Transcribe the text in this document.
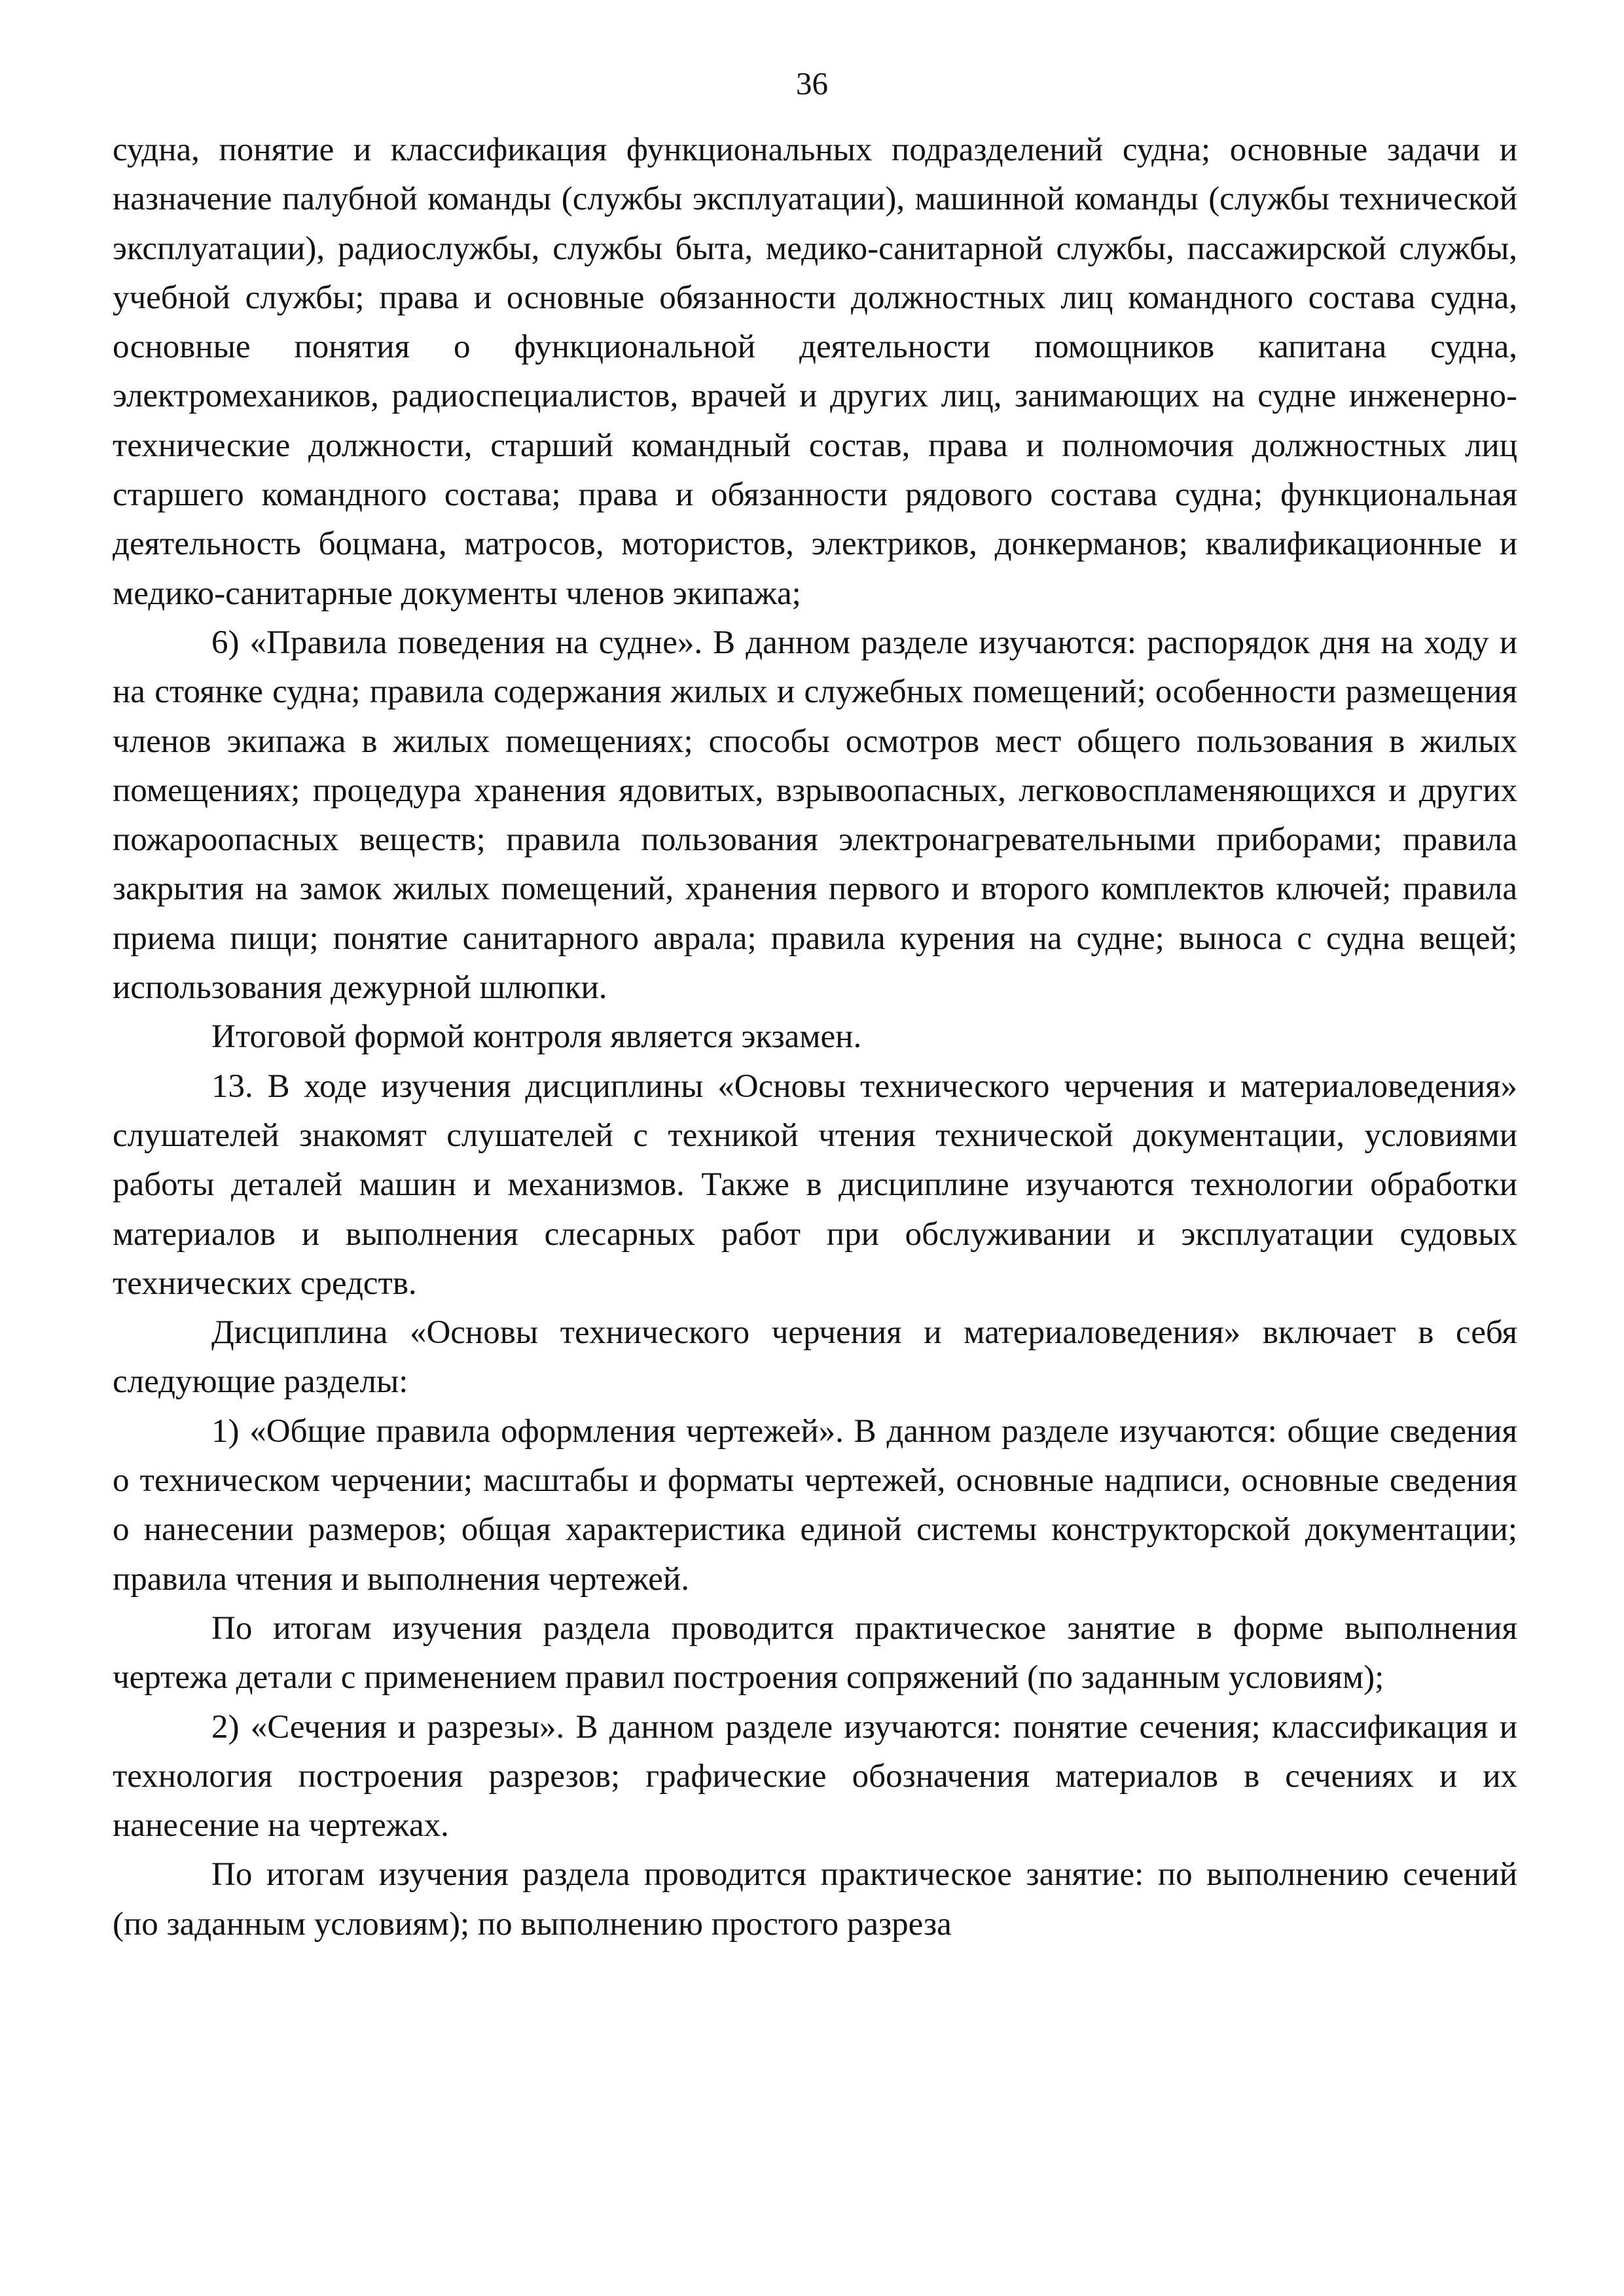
36

судна, понятие и классификация функциональных подразделений судна; основные задачи и назначение палубной команды (службы эксплуатации), машинной команды (службы технической эксплуатации), радиослужбы, службы быта, медико-санитарной службы, пассажирской службы, учебной службы; права и основные обязанности должностных лиц командного состава судна, основные понятия о функциональной деятельности помощников капитана судна, электромехаников, радиоспециалистов, врачей и других лиц, занимающих на судне инженерно-технические должности, старший командный состав, права и полномочия должностных лиц старшего командного состава; права и обязанности рядового состава судна; функциональная деятельность боцмана, матросов, мотористов, электриков, донкерманов; квалификационные и медико-санитарные документы членов экипажа;

6) «Правила поведения на судне». В данном разделе изучаются: распорядок дня на ходу и на стоянке судна; правила содержания жилых и служебных помещений; особенности размещения членов экипажа в жилых помещениях; способы осмотров мест общего пользования в жилых помещениях; процедура хранения ядовитых, взрывоопасных, легковоспламеняющихся и других пожароопасных веществ; правила пользования электронагревательными приборами; правила закрытия на замок жилых помещений, хранения первого и второго комплектов ключей; правила приема пищи; понятие санитарного аврала; правила курения на судне; выноса с судна вещей; использования дежурной шлюпки.

Итоговой формой контроля является экзамен.

13. В ходе изучения дисциплины «Основы технического черчения и материаловедения» слушателей знакомят слушателей с техникой чтения технической документации, условиями работы деталей машин и механизмов. Также в дисциплине изучаются технологии обработки материалов и выполнения слесарных работ при обслуживании и эксплуатации судовых технических средств.

Дисциплина «Основы технического черчения и материаловедения» включает в себя следующие разделы:

1) «Общие правила оформления чертежей». В данном разделе изучаются: общие сведения о техническом черчении; масштабы и форматы чертежей, основные надписи, основные сведения о нанесении размеров; общая характеристика единой системы конструкторской документации; правила чтения и выполнения чертежей.

По итогам изучения раздела проводится практическое занятие в форме выполнения чертежа детали с применением правил построения сопряжений (по заданным условиям);

2) «Сечения и разрезы». В данном разделе изучаются: понятие сечения; классификация и технология построения разрезов; графические обозначения материалов в сечениях и их нанесение на чертежах.

По итогам изучения раздела проводится практическое занятие: по выполнению сечений (по заданным условиям); по выполнению простого разреза
